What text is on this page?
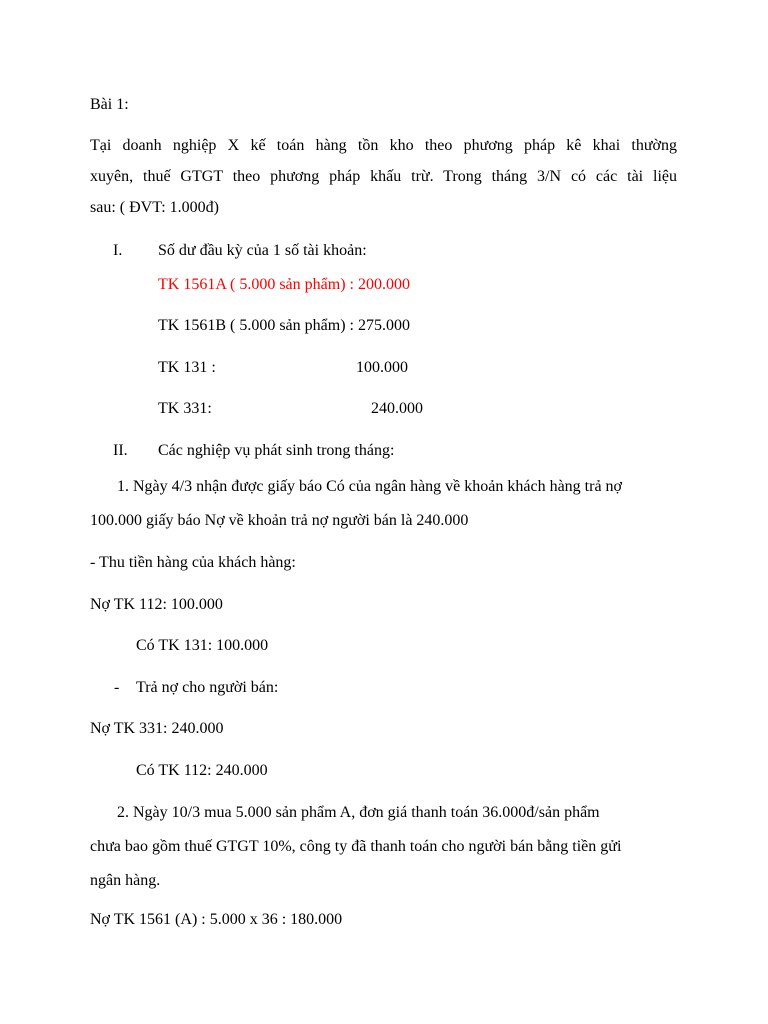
Bài 1:
Tại doanh nghiệp X kế toán hàng tồn kho theo phương pháp kê khai thường
xuyên, thuế GTGT theo phương pháp khấu trừ. Trong tháng 3/N có các tài liệu
sau: ( ĐVT: 1.000đ)
I. Số dư đầu kỳ của 1 số tài khoản:
TK 1561A ( 5.000 sản phẩm) : 200.000
TK 1561B ( 5.000 sản phẩm) : 275.000
TK 131 :	100.000
TK 331:	240.000
II. Các nghiệp vụ phát sinh trong tháng:
1. Ngày 4/3 nhận được giấy báo Có của ngân hàng về khoản khách hàng trả nợ
100.000 giấy báo Nợ về khoản trả nợ người bán là 240.000
- Thu tiền hàng của khách hàng:
Nợ TK 112: 100.000
Có TK 131: 100.000
- Trả nợ cho người bán:
Nợ TK 331: 240.000
Có TK 112: 240.000
2. Ngày 10/3 mua 5.000 sản phẩm A, đơn giá thanh toán 36.000đ/sản phẩm
chưa bao gồm thuế GTGT 10%, công ty đã thanh toán cho người bán bằng tiền gửi
ngân hàng.
Nợ TK 1561 (A) : 5.000 x 36 : 180.000
